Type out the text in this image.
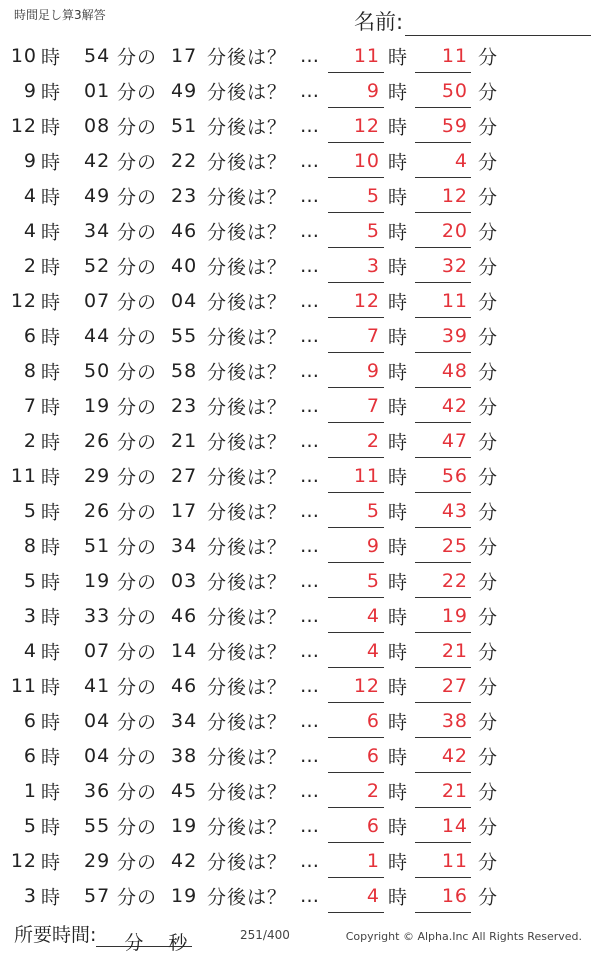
時間足し算3解答	名前:
10 時 54 分の 17 分後は？ …	11 時	11 分
9 時 01 分の 49 分後は？ …	9 時	50 分
12 時 08 分の 51 分後は？ …	12 時	59 分
9 時 42 分の 22 分後は？ …	10 時	4 分
4 時 49 分の 23 分後は？ …	5 時	12 分
4 時 34 分の 46 分後は？ …	5 時	20 分
2 時 52 分の 40 分後は？ …	3 時	32 分
12 時 07 分の 04 分後は？ …	12 時	11 分
6 時 44 分の 55 分後は？ …	7 時	39 分
8 時 50 分の 58 分後は？ …	9 時	48 分
7 時 19 分の 23 分後は？ …	7 時	42 分
2 時 26 分の 21 分後は？ …	2 時	47 分
11 時 29 分の 27 分後は？ …	11 時	56 分
5 時 26 分の 17 分後は？ …	5 時	43 分
8 時 51 分の 34 分後は？ …	9 時	25 分
5 時 19 分の 03 分後は？ …	5 時	22 分
3 時 33 分の 46 分後は？ …	4 時	19 分
4 時 07 分の 14 分後は？ …	4 時	21 分
11 時 41 分の 46 分後は？ …	12 時	27 分
6 時 04 分の 34 分後は？ …	6 時	38 分
6 時 04 分の 38 分後は？ …	6 時	42 分
1 時 36 分の 45 分後は？ …	2 時	21 分
5 時 55 分の 19 分後は？ …	6 時	14 分
12 時 29 分の 42 分後は？ …	1 時	11 分
3 時 57 分の 19 分後は？ …	4 時	16 分
所要時間: 分 秒	251/400	Copyright © Alpha.Inc All Rights Reserved.
